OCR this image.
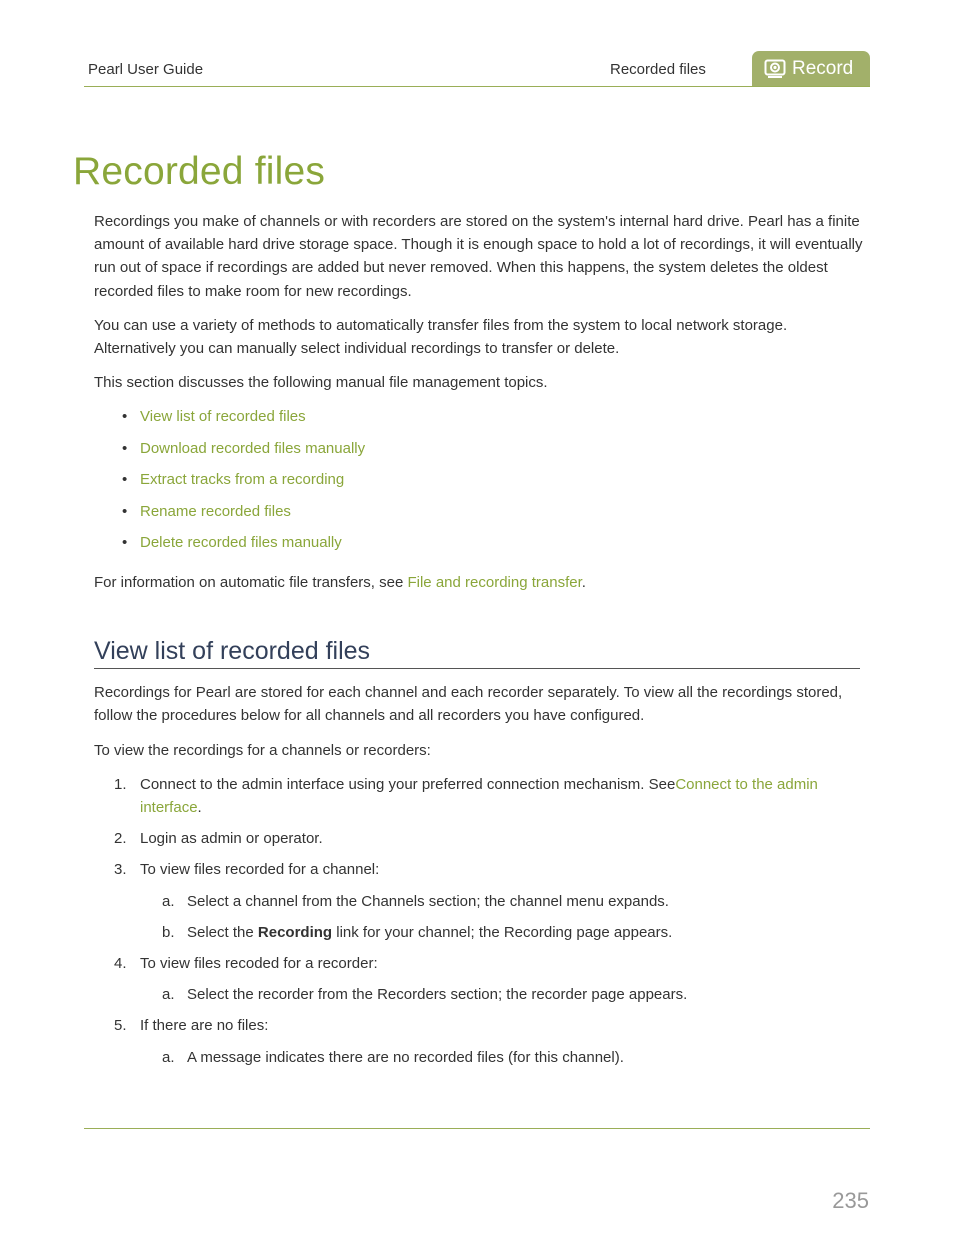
Pearl User Guide	Recorded files	Record
Recorded files

Recordings you make of channels or with recorders are stored on the system's internal hard drive. Pearl has a finite amount of available hard drive storage space. Though it is enough space to hold a lot of recordings, it will eventually run out of space if recordings are added but never removed. When this happens, the system deletes the oldest recorded files to make room for new recordings.

You can use a variety of methods to automatically transfer files from the system to local network storage. Alternatively you can manually select individual recordings to transfer or delete.

This section discusses the following manual file management topics.

• View list of recorded files
• Download recorded files manually
• Extract tracks from a recording
• Rename recorded files
• Delete recorded files manually

For information on automatic file transfers, see File and recording transfer.

View list of recorded files

Recordings for Pearl are stored for each channel and each recorder separately. To view all the recordings stored, follow the procedures below for all channels and all recorders you have configured.

To view the recordings for a channels or recorders:

1. Connect to the admin interface using your preferred connection mechanism. SeeConnect to the admin interface.
2. Login as admin or operator.
3. To view files recorded for a channel:
a. Select a channel from the Channels section; the channel menu expands.
b. Select the Recording link for your channel; the Recording page appears.
4. To view files recoded for a recorder:
a. Select the recorder from the Recorders section; the recorder page appears.
5. If there are no files:
a. A message indicates there are no recorded files (for this channel).
235
